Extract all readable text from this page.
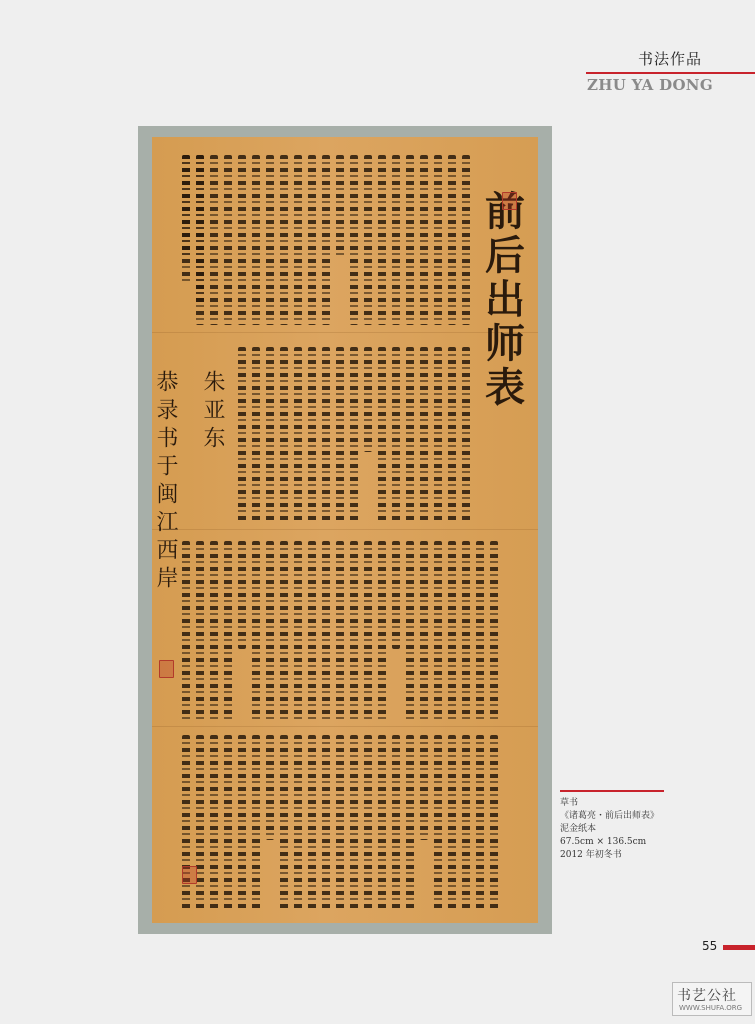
书法作品
ZHU YA DONG
前后出师表
朱亚东
恭录书于闽江西岸
草书
《诸葛亮・前后出师表》
泥金纸本
67.5cm × 136.5cm
2012 年初冬书
55
书艺公社
WWW.SHUFA.ORG
